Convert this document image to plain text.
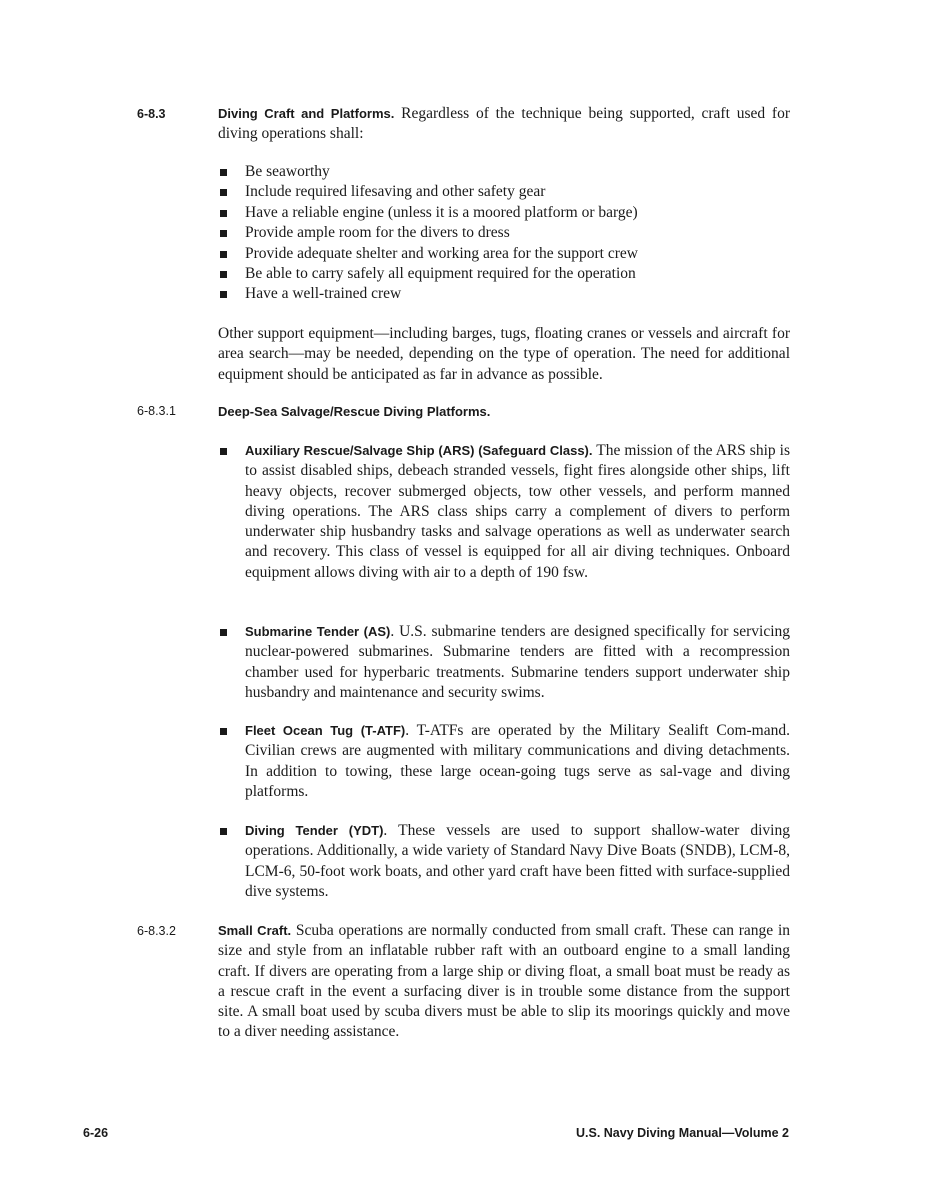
6-8.3	Diving Craft and Platforms. Regardless of the technique being supported, craft used for diving operations shall:
Be seaworthy
Include required lifesaving and other safety gear
Have a reliable engine (unless it is a moored platform or barge)
Provide ample room for the divers to dress
Provide adequate shelter and working area for the support crew
Be able to carry safely all equipment required for the operation
Have a well-trained crew
Other support equipment—including barges, tugs, floating cranes or vessels and aircraft for area search—may be needed, depending on the type of operation. The need for additional equipment should be anticipated as far in advance as possible.
6-8.3.1	Deep-Sea Salvage/Rescue Diving Platforms.
Auxiliary Rescue/Salvage Ship (ARS) (Safeguard Class). The mission of the ARS ship is to assist disabled ships, debeach stranded vessels, fight fires alongside other ships, lift heavy objects, recover submerged objects, tow other vessels, and perform manned diving operations. The ARS class ships carry a complement of divers to perform underwater ship husbandry tasks and salvage operations as well as underwater search and recovery. This class of vessel is equipped for all air diving techniques. Onboard equipment allows diving with air to a depth of 190 fsw.
Submarine Tender (AS). U.S. submarine tenders are designed specifically for servicing nuclear-powered submarines. Submarine tenders are fitted with a recompression chamber used for hyperbaric treatments. Submarine tenders support underwater ship husbandry and maintenance and security swims.
Fleet Ocean Tug (T-ATF). T-ATFs are operated by the Military Sealift Com-mand. Civilian crews are augmented with military communications and diving detachments. In addition to towing, these large ocean-going tugs serve as sal-vage and diving platforms.
Diving Tender (YDT). These vessels are used to support shallow-water diving operations. Additionally, a wide variety of Standard Navy Dive Boats (SNDB), LCM-8, LCM-6, 50-foot work boats, and other yard craft have been fitted with surface-supplied dive systems.
6-8.3.2	Small Craft. Scuba operations are normally conducted from small craft. These can range in size and style from an inflatable rubber raft with an outboard engine to a small landing craft. If divers are operating from a large ship or diving float, a small boat must be ready as a rescue craft in the event a surfacing diver is in trouble some distance from the support site. A small boat used by scuba divers must be able to slip its moorings quickly and move to a diver needing assistance.
6-26	U.S. Navy Diving Manual—Volume 2
